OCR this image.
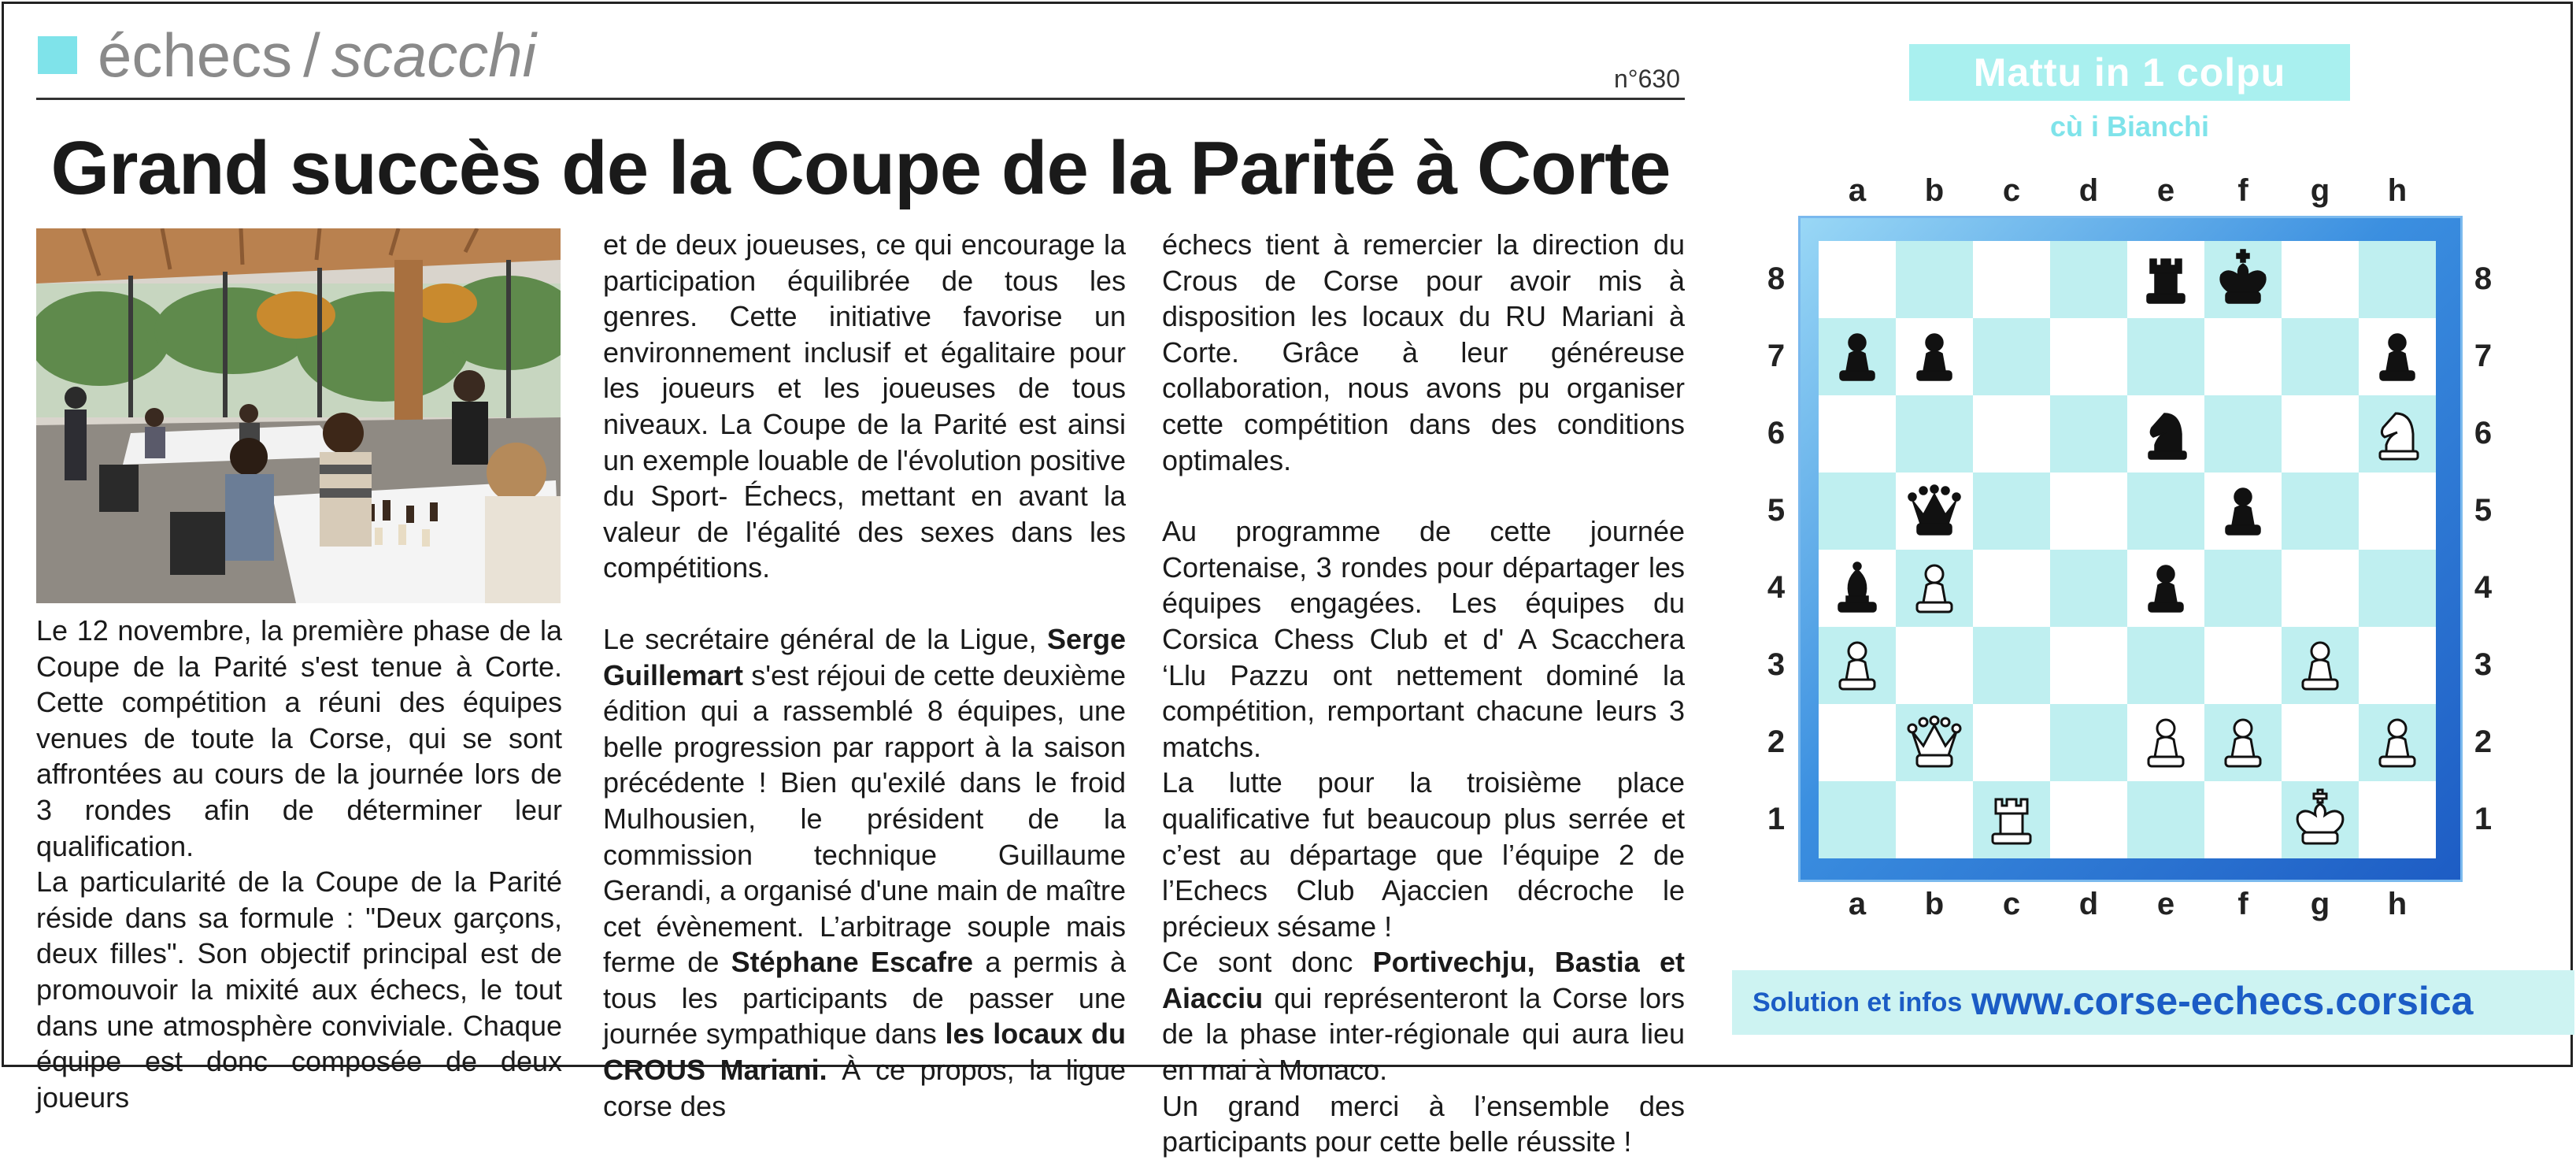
échecs / scacchi	n°630
Grand succès de la Coupe de la Parité à Corte

Le 12 novembre, la première phase de la Coupe de la Parité s'est tenue à Corte. Cette compétition a réuni des équipes venues de toute la Corse, qui se sont affrontées au cours de la journée lors de 3 rondes afin de déterminer leur qualification.

La particularité de la Coupe de la Parité réside dans sa formule : "Deux garçons, deux filles". Son objectif principal est de promouvoir la mixité aux échecs, le tout dans une atmosphère conviviale. Chaque équipe est donc composée de deux joueurs

et de deux joueuses, ce qui encourage la participation équilibrée de tous les genres. Cette initiative favorise un environnement inclusif et égalitaire pour les joueurs et les joueuses de tous niveaux. La Coupe de la Parité est ainsi un exemple louable de l'évolution positive du Sport- Échecs, mettant en avant la valeur de l'égalité des sexes dans les compétitions.

Le secrétaire général de la Ligue, Serge Guillemart s'est réjoui de cette deuxième édition qui a rassemblé 8 équipes, une belle progression par rapport à la saison précédente ! Bien qu'exilé dans le froid Mulhousien, le président de la commission technique Guillaume Gerandi, a organisé d'une main de maître cet évènement. L’arbitrage souple mais ferme de Stéphane Escafre a permis à tous les participants de passer une journée sympathique dans les locaux du CROUS Mariani. À ce propos, la ligue corse des

échecs tient à remercier la direction du Crous de Corse pour avoir mis à disposition les locaux du RU Mariani à Corte. Grâce à leur généreuse collaboration, nous avons pu organiser cette compétition dans des conditions optimales.

Au programme de cette journée Cortenaise, 3 rondes pour départager les équipes engagées. Les équipes du Corsica Chess Club et d' A Scacchera ‘Llu Pazzu ont nettement dominé la compétition, remportant chacune leurs 3 matchs.

La lutte pour la troisième place qualificative fut beaucoup plus serrée et c’est au départage que l’équipe 2 de l’Echecs Club Ajaccien décroche le précieux sésame !

Ce sont donc Portivechju, Bastia et Aiacciu qui représenteront la Corse lors de la phase inter-régionale qui aura lieu en mai à Monaco.

Un grand merci à l’ensemble des participants pour cette belle réussite !

Mattu in 1 colpu
cù i Bianchi
a	b	c	d	e	f	g	h
a	b	c	d	e	f	g	h
8
7
6
5
4
3
2
1
8
7
6
5
4
3
2
1
Solution et infos www.corse-echecs.corsica
